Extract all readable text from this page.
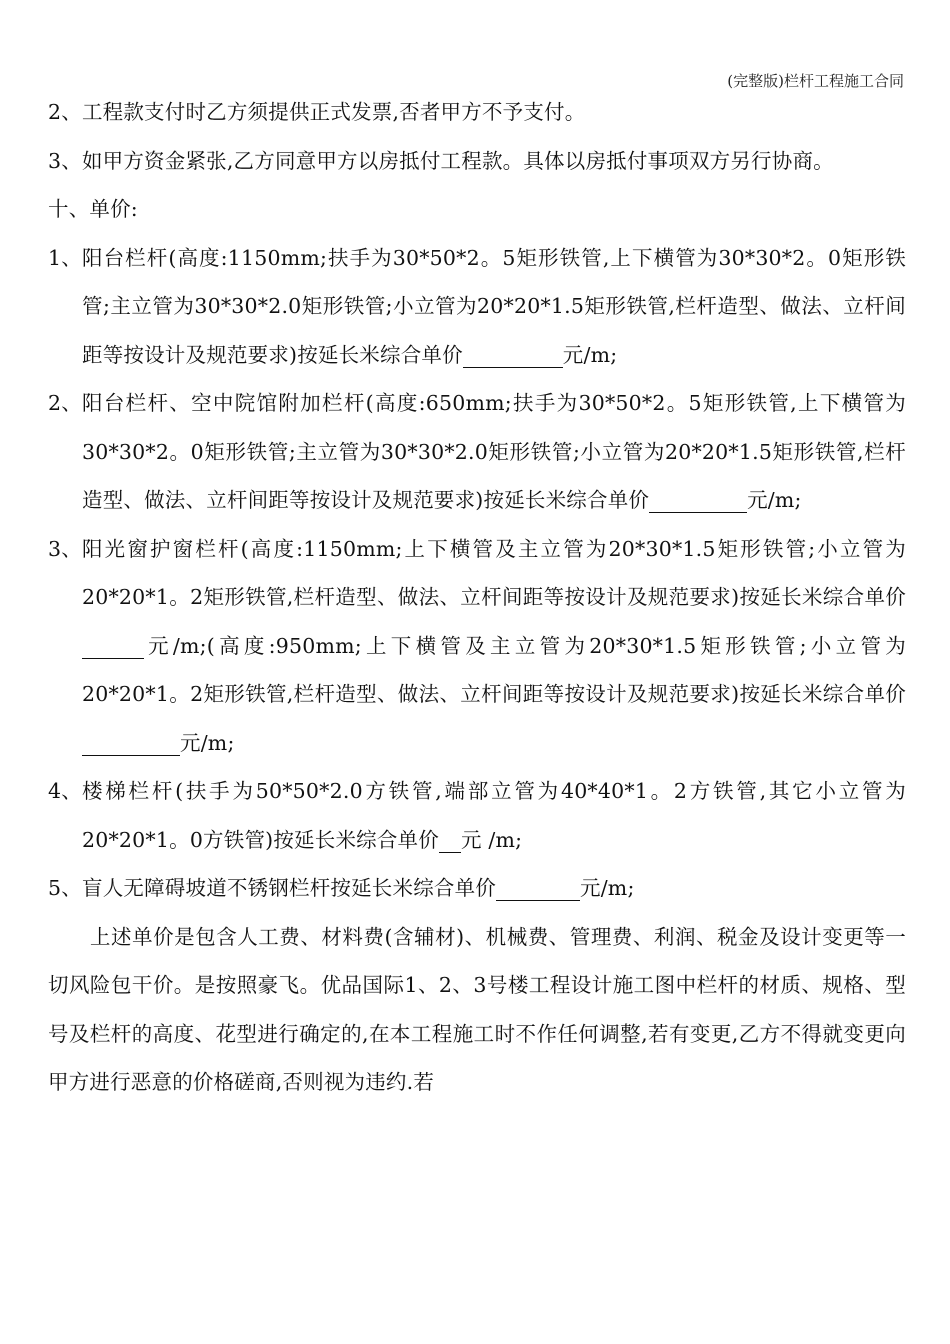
(完整版)栏杆工程施工合同

2、工程款支付时乙方须提供正式发票,否者甲方不予支付。

3、如甲方资金紧张,乙方同意甲方以房抵付工程款。具体以房抵付事项双方另行协商。

十、单价:

1、 阳台栏杆(高度:1150mm;扶手为30*50*2。5矩形铁管,上下横管为30*30*2。0矩形铁管;主立管为30*30*2.0矩形铁管;小立管为20*20*1.5矩形铁管,栏杆造型、做法、立杆间距等按设计及规范要求)按延长米综合单价	元/m;
2、 阳台栏杆、空中院馆附加栏杆(高度:650mm;扶手为30*50*2。5矩形铁管,上下横管为30*30*2。0矩形铁管;主立管为30*30*2.0矩形铁管;小立管为20*20*1.5矩形铁管,栏杆造型、做法、立杆间距等按设计及规范要求)按延长米综合单价	元/m;
3、 阳光窗护窗栏杆(高度:1150mm;上下横管及主立管为20*30*1.5矩形铁管;小立管为20*20*1。2矩形铁管,栏杆造型、做法、立杆间距等按设计及规范要求)按延长米综合单价元/m;(高度:950mm;上下横管及主立管为20*30*1.5矩形铁管;小立管为20*20*1。2矩形铁管,栏杆造型、做法、立杆间距等按设计及规范要求)按延长米综合单价元/m;
4、 楼梯栏杆(扶手为50*50*2.0方铁管,端部立管为40*40*1。2方铁管,其它小立管为20*20*1。0方铁管)按延长米综合单价 元 /m;
5、 盲人无障碍坡道不锈钢栏杆按延长米综合单价	元/m;

上述单价是包含人工费、材料费(含辅材)、机械费、管理费、利润、税金及设计变更等一切风险包干价。是按照豪飞。优品国际1、2、3号楼工程设计施工图中栏杆的材质、规格、型号及栏杆的高度、花型进行确定的,在本工程施工时不作任何调整,若有变更,乙方不得就变更向甲方进行恶意的价格磋商,否则视为违约.若
